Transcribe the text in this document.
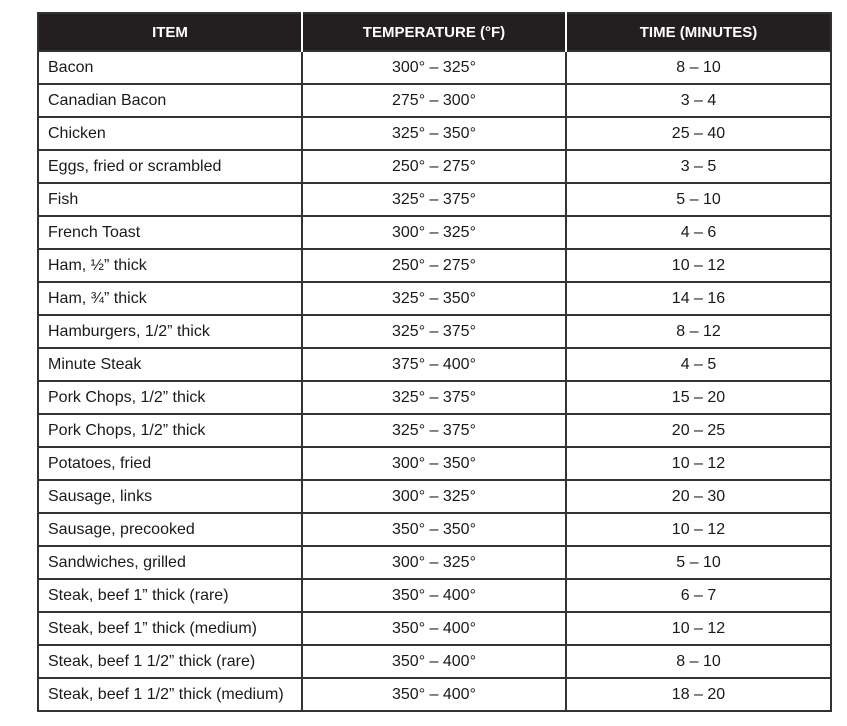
ITEM	TEMPERATURE (°F)	TIME (MINUTES)
Bacon	300° – 325°	8 – 10
Canadian Bacon	275° – 300°	3 – 4
Chicken	325° – 350°	25 – 40
Eggs, fried or scrambled	250° – 275°	3 – 5
Fish	325° – 375°	5 – 10
French Toast	300° – 325°	4 – 6
Ham, ½” thick	250° – 275°	10 – 12
Ham, ¾” thick	325° – 350°	14 – 16
Hamburgers, 1/2” thick	325° – 375°	8 – 12
Minute Steak	375° – 400°	4 – 5
Pork Chops, 1/2” thick	325° – 375°	15 – 20
Pork Chops, 1/2” thick	325° – 375°	20 – 25
Potatoes, fried	300° – 350°	10 – 12
Sausage, links	300° – 325°	20 – 30
Sausage, precooked	350° – 350°	10 – 12
Sandwiches, grilled	300° – 325°	5 – 10
Steak, beef 1” thick (rare)	350° – 400°	6 – 7
Steak, beef 1” thick (medium)	350° – 400°	10 – 12
Steak, beef 1 1/2” thick (rare)	350° – 400°	8 – 10
Steak, beef 1 1/2” thick (medium)	350° – 400°	18 – 20
